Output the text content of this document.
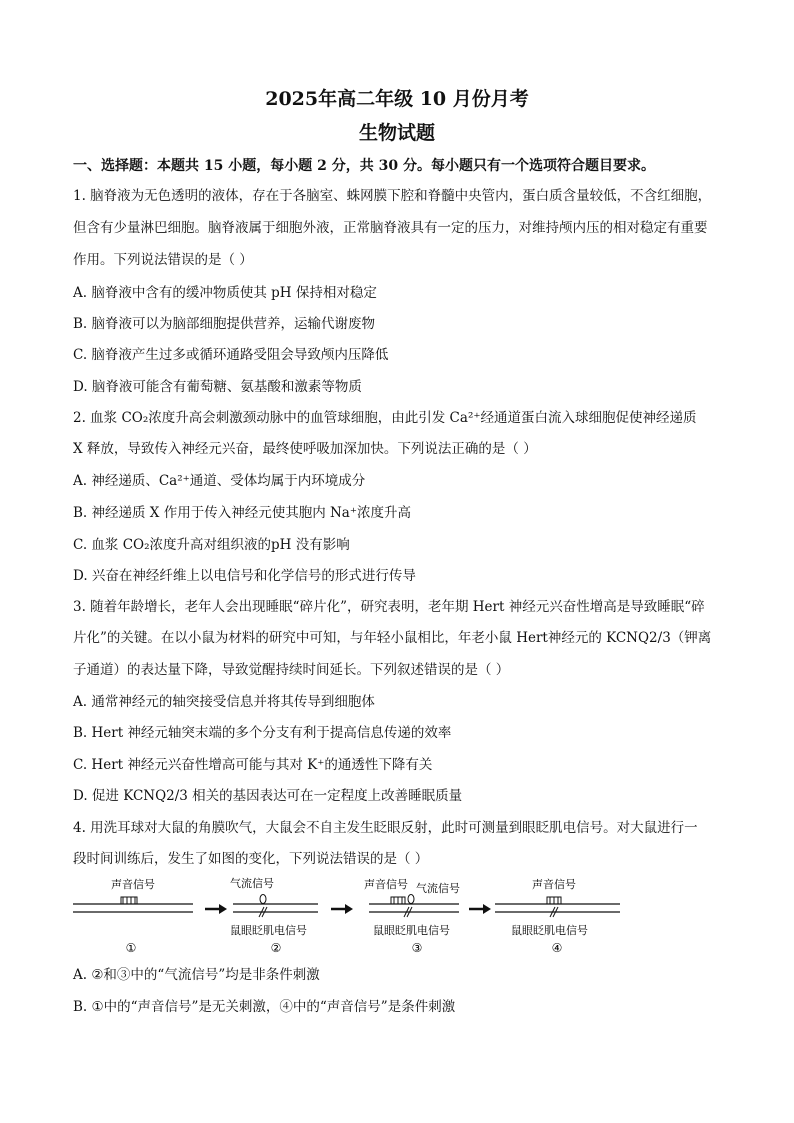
2025年高二年级 10 月份月考
生物试题
一、选择题：本题共 15 小题，每小题 2 分，共 30 分。每小题只有一个选项符合题目要求。
1. 脑脊液为无色透明的液体，存在于各脑室、蛛网膜下腔和脊髓中央管内，蛋白质含量较低，不含红细胞，
但含有少量淋巴细胞。脑脊液属于细胞外液，正常脑脊液具有一定的压力，对维持颅内压的相对稳定有重要
作用。下列说法错误的是（ ）
A. 脑脊液中含有的缓冲物质使其 pH 保持相对稳定
B. 脑脊液可以为脑部细胞提供营养，运输代谢废物
C. 脑脊液产生过多或循环通路受阻会导致颅内压降低
D. 脑脊液可能含有葡萄糖、氨基酸和激素等物质
2. 血浆 CO₂浓度升高会刺激颈动脉中的血管球细胞，由此引发 Ca²⁺经通道蛋白流入球细胞促使神经递质
X 释放，导致传入神经元兴奋，最终使呼吸加深加快。下列说法正确的是（ ）
A. 神经递质、Ca²⁺通道、受体均属于内环境成分
B. 神经递质 X 作用于传入神经元使其胞内 Na⁺浓度升高
C. 血浆 CO₂浓度升高对组织液的pH 没有影响
D. 兴奋在神经纤维上以电信号和化学信号的形式进行传导
3. 随着年龄增长，老年人会出现睡眠“碎片化”，研究表明，老年期 Hert 神经元兴奋性增高是导致睡眠“碎
片化”的关键。在以小鼠为材料的研究中可知，与年轻小鼠相比，年老小鼠 Hert神经元的 KCNQ2/3（钾离
子通道）的表达量下降，导致觉醒持续时间延长。下列叙述错误的是（ ）
A. 通常神经元的轴突接受信息并将其传导到细胞体
B. Hert 神经元轴突末端的多个分支有利于提高信息传递的效率
C. Hert 神经元兴奋性增高可能与其对 K⁺的通透性下降有关
D. 促进 KCNQ2/3 相关的基因表达可在一定程度上改善睡眠质量
4. 用洗耳球对大鼠的角膜吹气，大鼠会不自主发生眨眼反射，此时可测量到眼眨肌电信号。对大鼠进行一
段时间训练后，发生了如图的变化，下列说法错误的是（ ）
声音信号
①
气流信号
鼠眼眨肌电信号
②
声音信号 气流信号
鼠眼眨肌电信号
③
声音信号
鼠眼眨肌电信号
④
A. ②和③中的“气流信号”均是非条件刺激
B. ①中的“声音信号”是无关刺激，④中的“声音信号”是条件刺激
